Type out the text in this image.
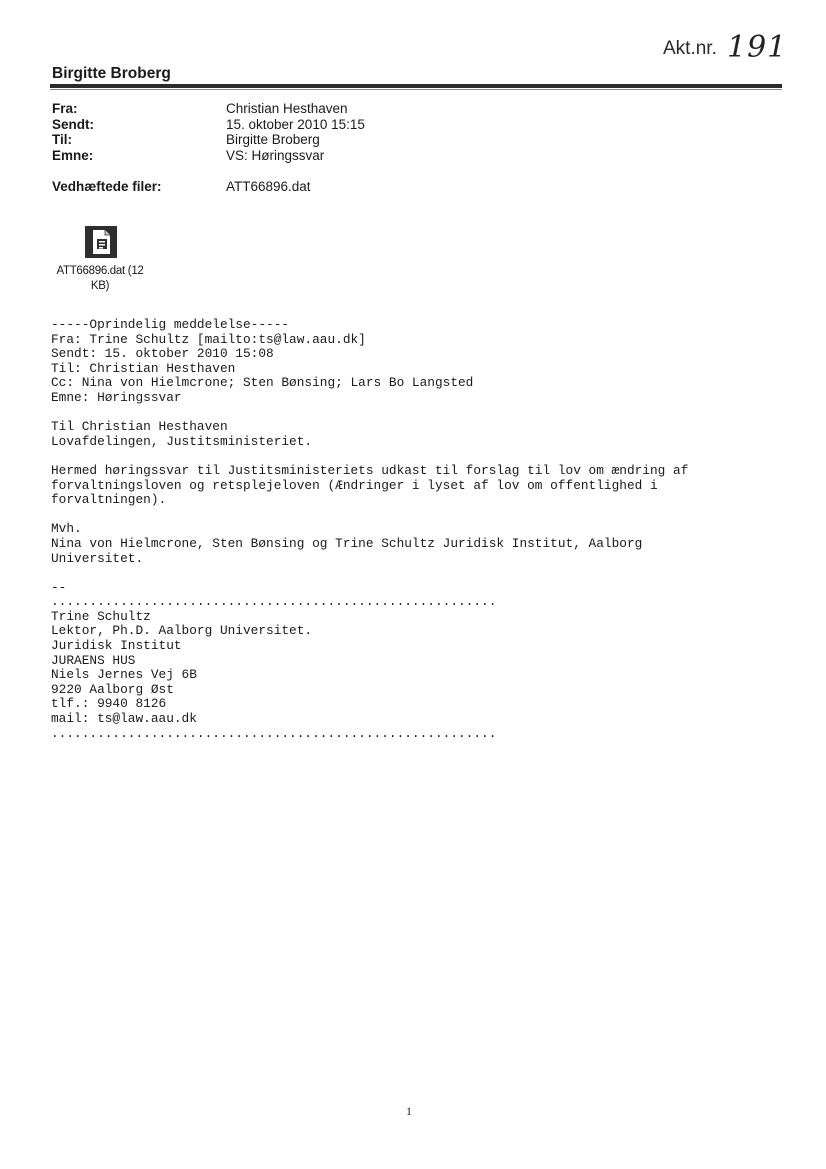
Akt.nr. 191
Birgitte Broberg
Fra:	Christian Hesthaven
Sendt:	15. oktober 2010 15:15
Til:	Birgitte Broberg
Emne:	VS: Høringssvar
Vedhæftede filer:	ATT66896.dat
ATT66896.dat (12
KB)
-----Oprindelig meddelelse-----
Fra: Trine Schultz [mailto:ts@law.aau.dk]
Sendt: 15. oktober 2010 15:08
Til: Christian Hesthaven
Cc: Nina von Hielmcrone; Sten Bønsing; Lars Bo Langsted
Emne: Høringssvar

Til Christian Hesthaven
Lovafdelingen, Justitsministeriet.

Hermed høringssvar til Justitsministeriets udkast til forslag til lov om ændring af
forvaltningsloven og retsplejeloven (Ændringer i lyset af lov om offentlighed i
forvaltningen).

Mvh.
Nina von Hielmcrone, Sten Bønsing og Trine Schultz Juridisk Institut, Aalborg
Universitet.

--
..........................................................
Trine Schultz
Lektor, Ph.D. Aalborg Universitet.
Juridisk Institut
JURAENS HUS
Niels Jernes Vej 6B
9220 Aalborg Øst
tlf.: 9940 8126
mail: ts@law.aau.dk
..........................................................
1
